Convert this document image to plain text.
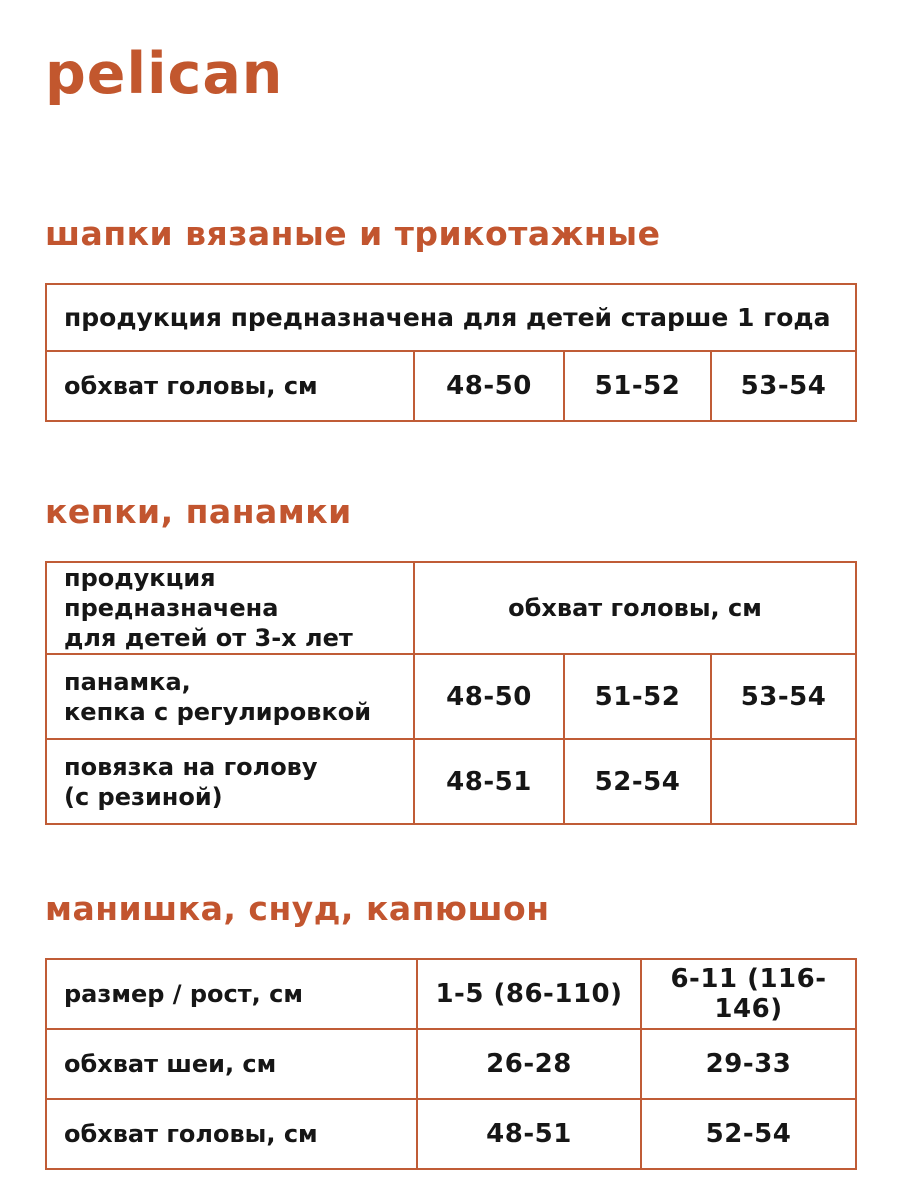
pelican
шапки вязаные и трикотажные
продукция предназначена для детей старше 1 года
обхват головы, см	48-50	51-52	53-54
кепки, панамки
продукция предназначена
для детей от 3-х лет	обхват головы, см		

панамка,
кепка с регулировкой	48-50	51-52	53-54

повязка на голову
(с резиной)	48-51	52-54	
манишка, снуд, капюшон
размер / рост, см	1-5 (86-110)	6-11 (116-146)
обхват шеи, см	26-28	29-33
обхват головы, см	48-51	52-54
